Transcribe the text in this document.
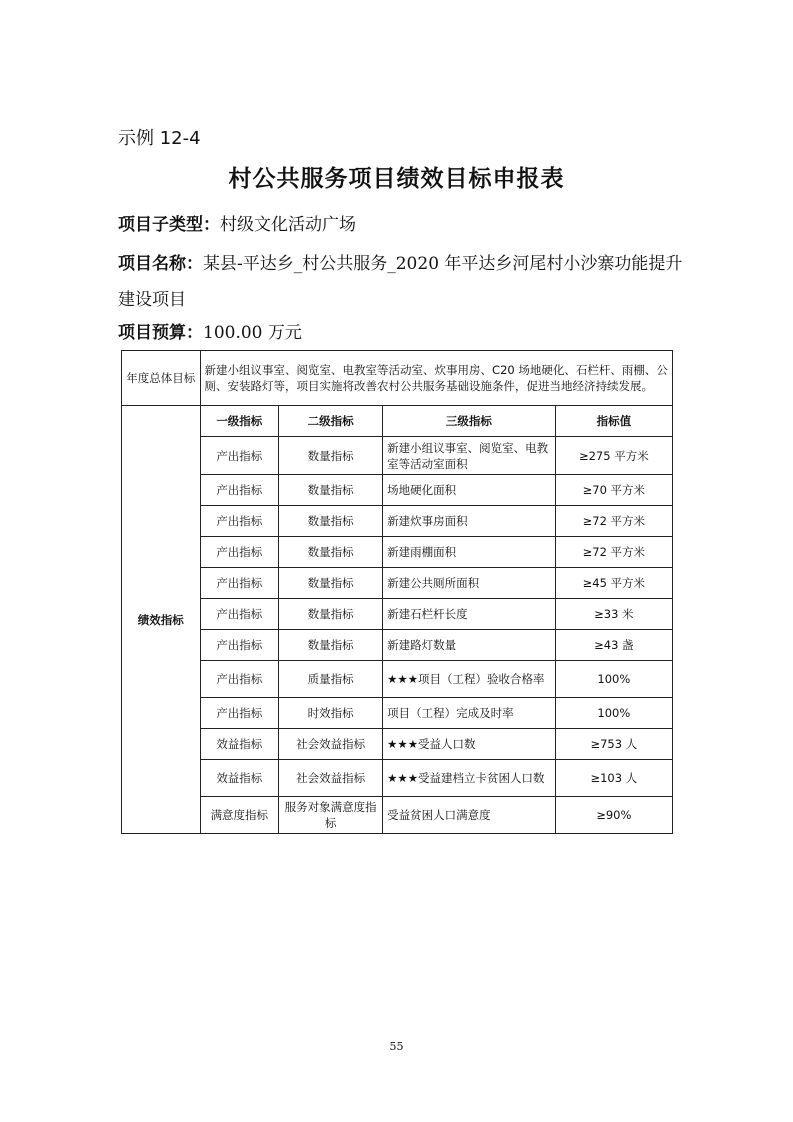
示例 12-4
村公共服务项目绩效目标申报表
项目子类型：村级文化活动广场
项目名称：某县-平达乡_村公共服务_2020 年平达乡河尾村小沙寨功能提升建设项目
项目预算：100.00 万元
年度总体目标	新建小组议事室、阅览室、电教室等活动室、炊事用房、C20 场地硬化、石栏杆、雨棚、公厕、安装路灯等，项目实施将改善农村公共服务基础设施条件，促进当地经济持续发展。			
绩效指标	一级指标	二级指标	三级指标	指标值
	产出指标	数量指标	新建小组议事室、阅览室、电教室等活动室面积	≥275 平方米
	产出指标	数量指标	场地硬化面积	≥70 平方米
	产出指标	数量指标	新建炊事房面积	≥72 平方米
	产出指标	数量指标	新建雨棚面积	≥72 平方米
	产出指标	数量指标	新建公共厕所面积	≥45 平方米
	产出指标	数量指标	新建石栏杆长度	≥33 米
	产出指标	数量指标	新建路灯数量	≥43 盏
	产出指标	质量指标	★★★项目（工程）验收合格率	100%
	产出指标	时效指标	项目（工程）完成及时率	100%
	效益指标	社会效益指标	★★★受益人口数	≥753 人
	效益指标	社会效益指标	★★★受益建档立卡贫困人口数	≥103 人
	满意度指标	服务对象满意度指标	受益贫困人口满意度	≥90%
55
